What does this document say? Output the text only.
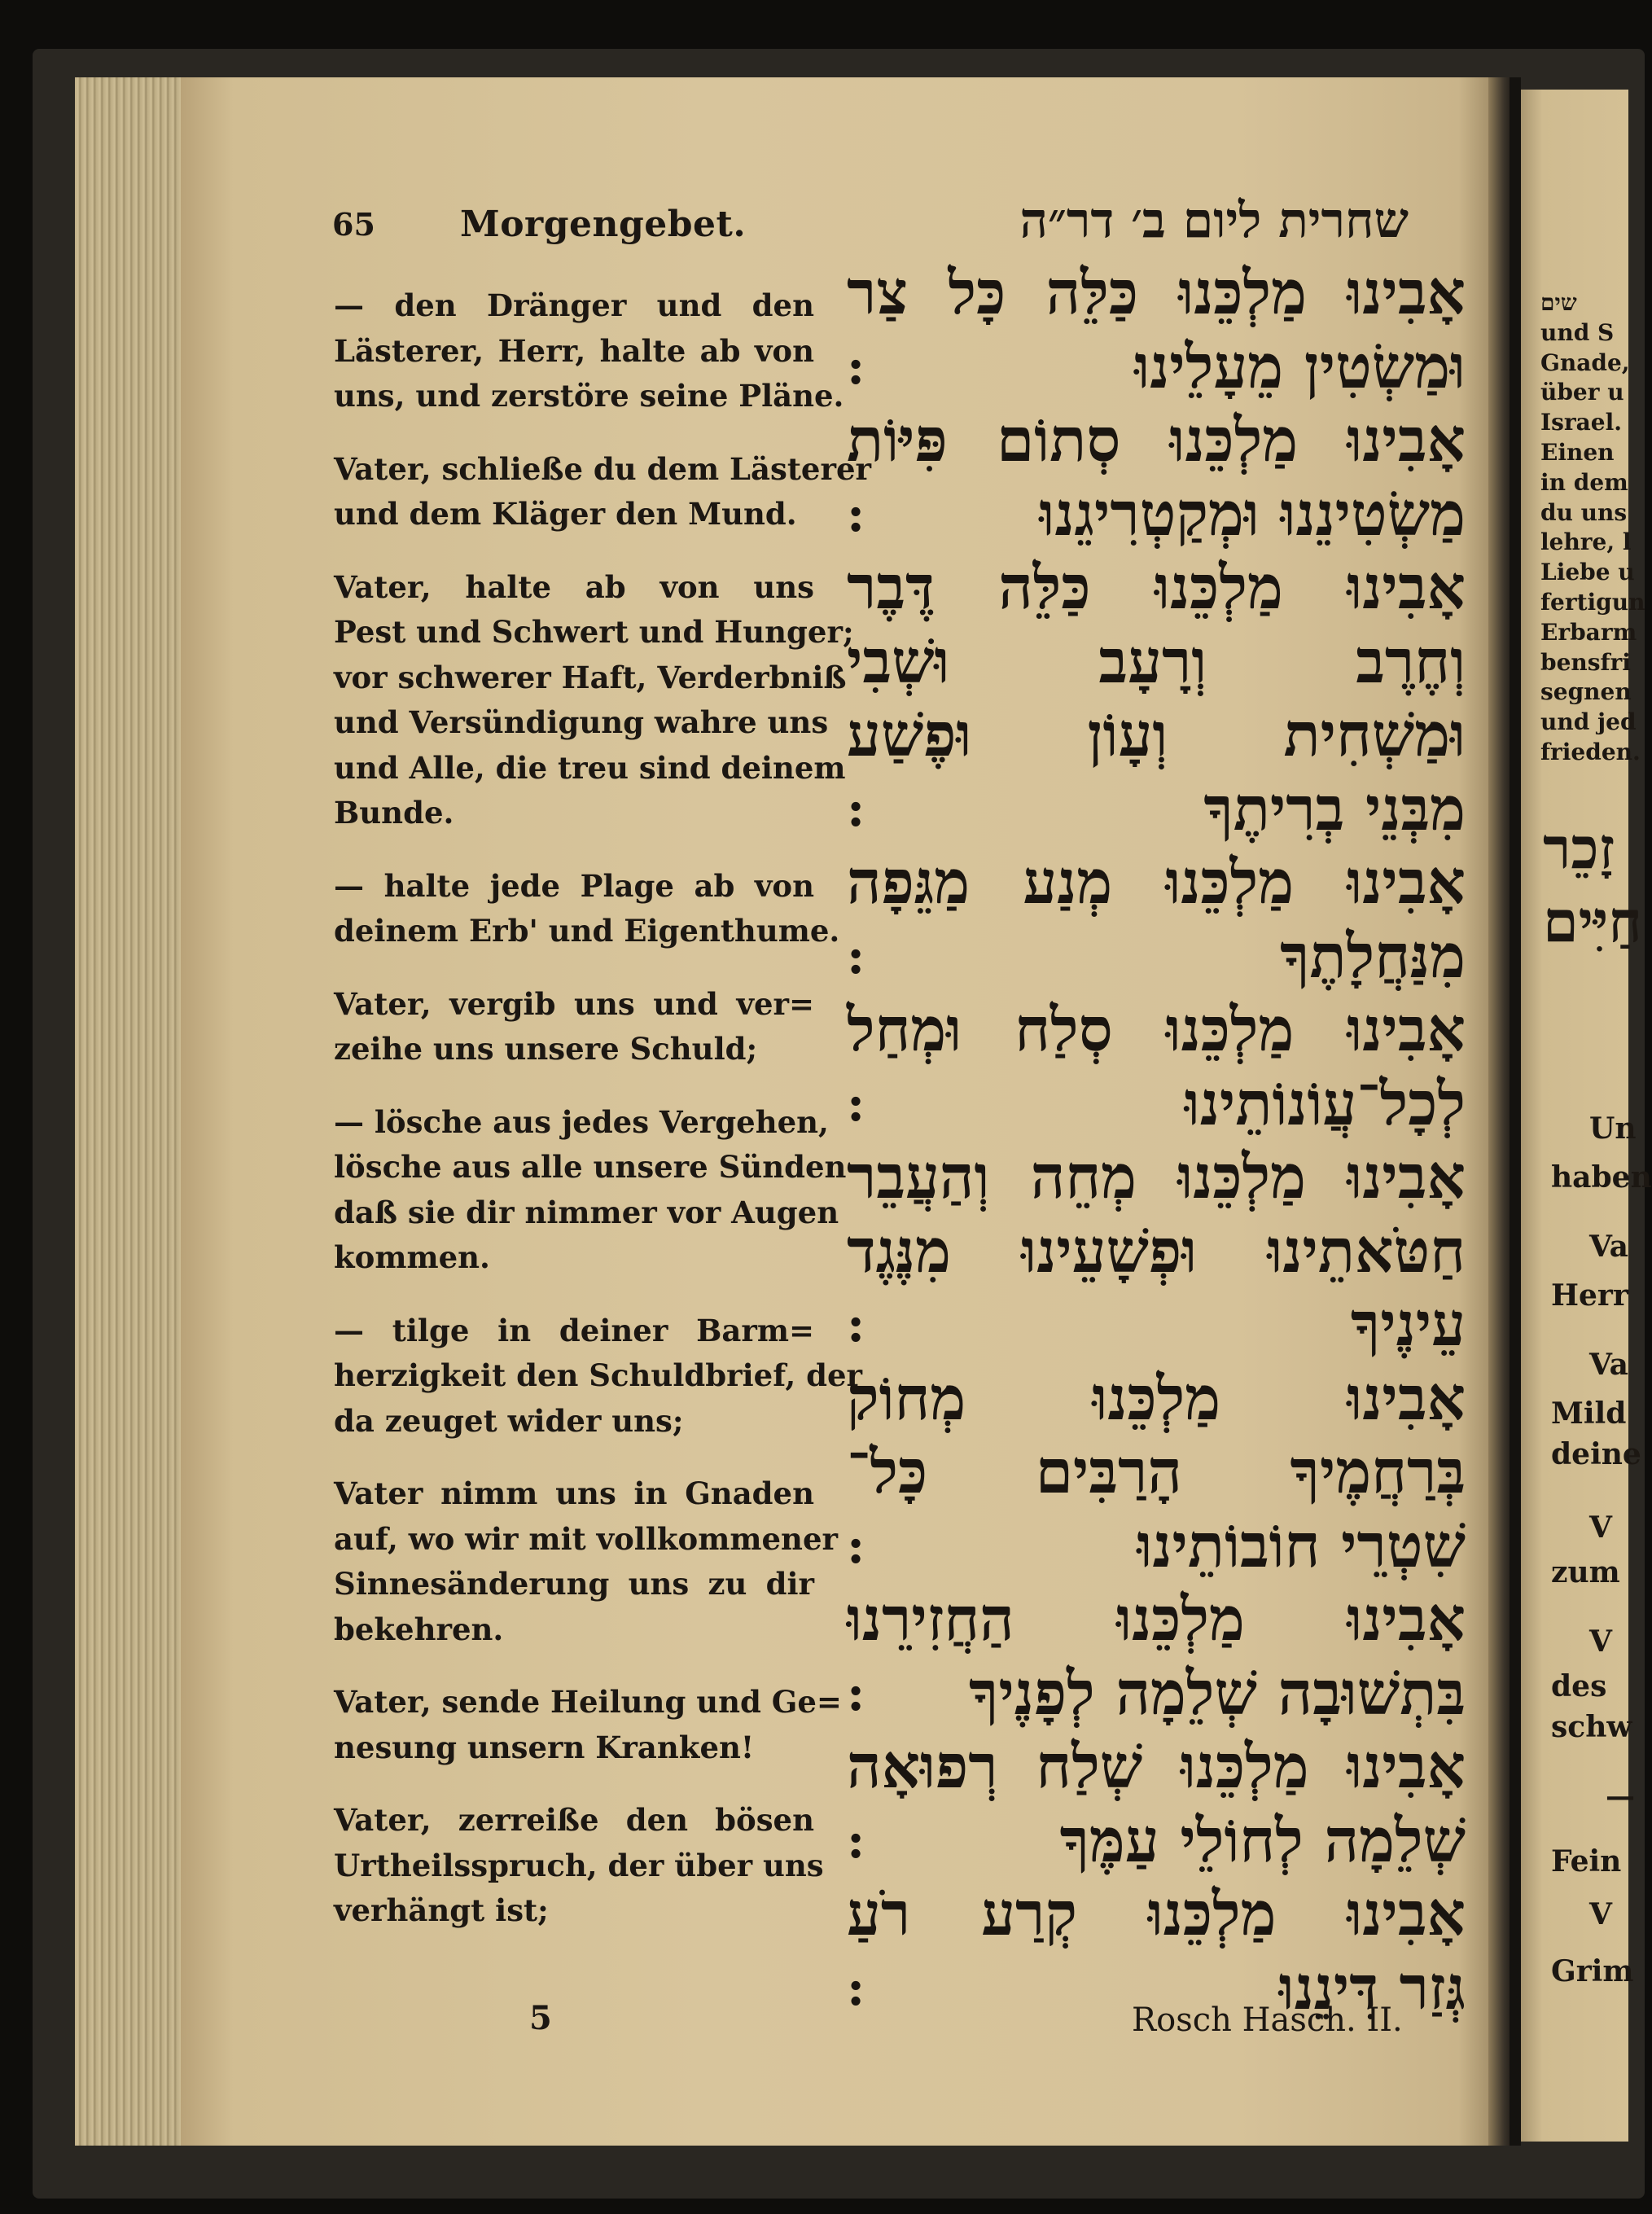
65 Morgengebet.	שחרית ליום ב׳ דר״ה
— den Dränger und den
Lästerer, Herr, halte ab von
uns, und zerstöre seine Pläne.
Vater, schließe du dem Lästerer
und dem Kläger den Mund.
Vater, halte ab von uns
Pest und Schwert und Hunger;
vor schwerer Haft, Verderbniß
und Versündigung wahre uns
und Alle, die treu sind deinem
Bunde.
— halte jede Plage ab von
deinem Erb' und Eigenthume.
Vater, vergib uns und ver=
zeihe uns unsere Schuld;
— lösche aus jedes Vergehen,
lösche aus alle unsere Sünden
daß sie dir nimmer vor Augen
kommen.
— tilge in deiner Barm=
herzigkeit den Schuldbrief, der
da zeuget wider uns;
Vater nimm uns in Gnaden
auf, wo wir mit vollkommener
Sinnesänderung uns zu dir
bekehren.
Vater, sende Heilung und Ge=
nesung unsern Kranken!
Vater, zerreiße den bösen
Urtheilsspruch, der über uns
verhängt ist;
אָבִינוּ מַלְכֵּנוּ כַּלֵּה כָּל צַר
וּמַשְׂטִין מֵעָלֵינוּ
:
אָבִינוּ מַלְכֵּנוּ סְתוֹם פִּיּוֹת
מַשְׂטִינֵנוּ וּמְקַטְרִיגֵנוּ
:
אָבִינוּ מַלְכֵּנוּ כַּלֵּה דֶּבֶר
וְחֶרֶב וְרָעָב וּשְׁבִי
וּמַשְׁחִית וְעָוֹן וּפֶשַׁע
מִבְּנֵי בְרִיתֶךָ
:
אָבִינוּ מַלְכֵּנוּ מְנַע מַגֵּפָה
מִנַּחֲלָתֶךָ
:
אָבִינוּ מַלְכֵּנוּ סְלַח וּמְחַל
לְכָל־עֲוֹנוֹתֵינוּ
:
אָבִינוּ מַלְכֵּנוּ מְחֵה וְהַעֲבֵר
חַטֹּאתֵינוּ וּפְשָׁעֵינוּ מִנֶּגֶד
עֵינֶיךָ
:
אָבִינוּ מַלְכֵּנוּ מְחוֹק
בְּרַחֲמֶיךָ הָרַבִּים כָּל־
שִׁטְרֵי חוֹבוֹתֵינוּ
:
אָבִינוּ מַלְכֵּנוּ הַחֲזִירֵנוּ
בִּתְשׁוּבָה שְׁלֵמָה לְפָנֶיךָ
:
אָבִינוּ מַלְכֵּנוּ שְׁלַח רְפוּאָה
שְׁלֵמָה לְחוֹלֵי עַמֶּךָ
:
אָבִינוּ מַלְכֵּנוּ קְרַע רֹעַ
גְּזַר דִּינֵנוּ
:
5	Rosch Hasch. II.
שים
und S
Gnade,
über u
Israel.
Einen
in dem
du uns
lehre, l
Liebe u
fertigun
Erbarm
bensfri
segnen
und jed
frieden.
זָכֵר
חַיִּים
Un
haben
Va
Herr
Va
Mild
deine
V
zum
V
des
schw
—
Fein
V
Grim
